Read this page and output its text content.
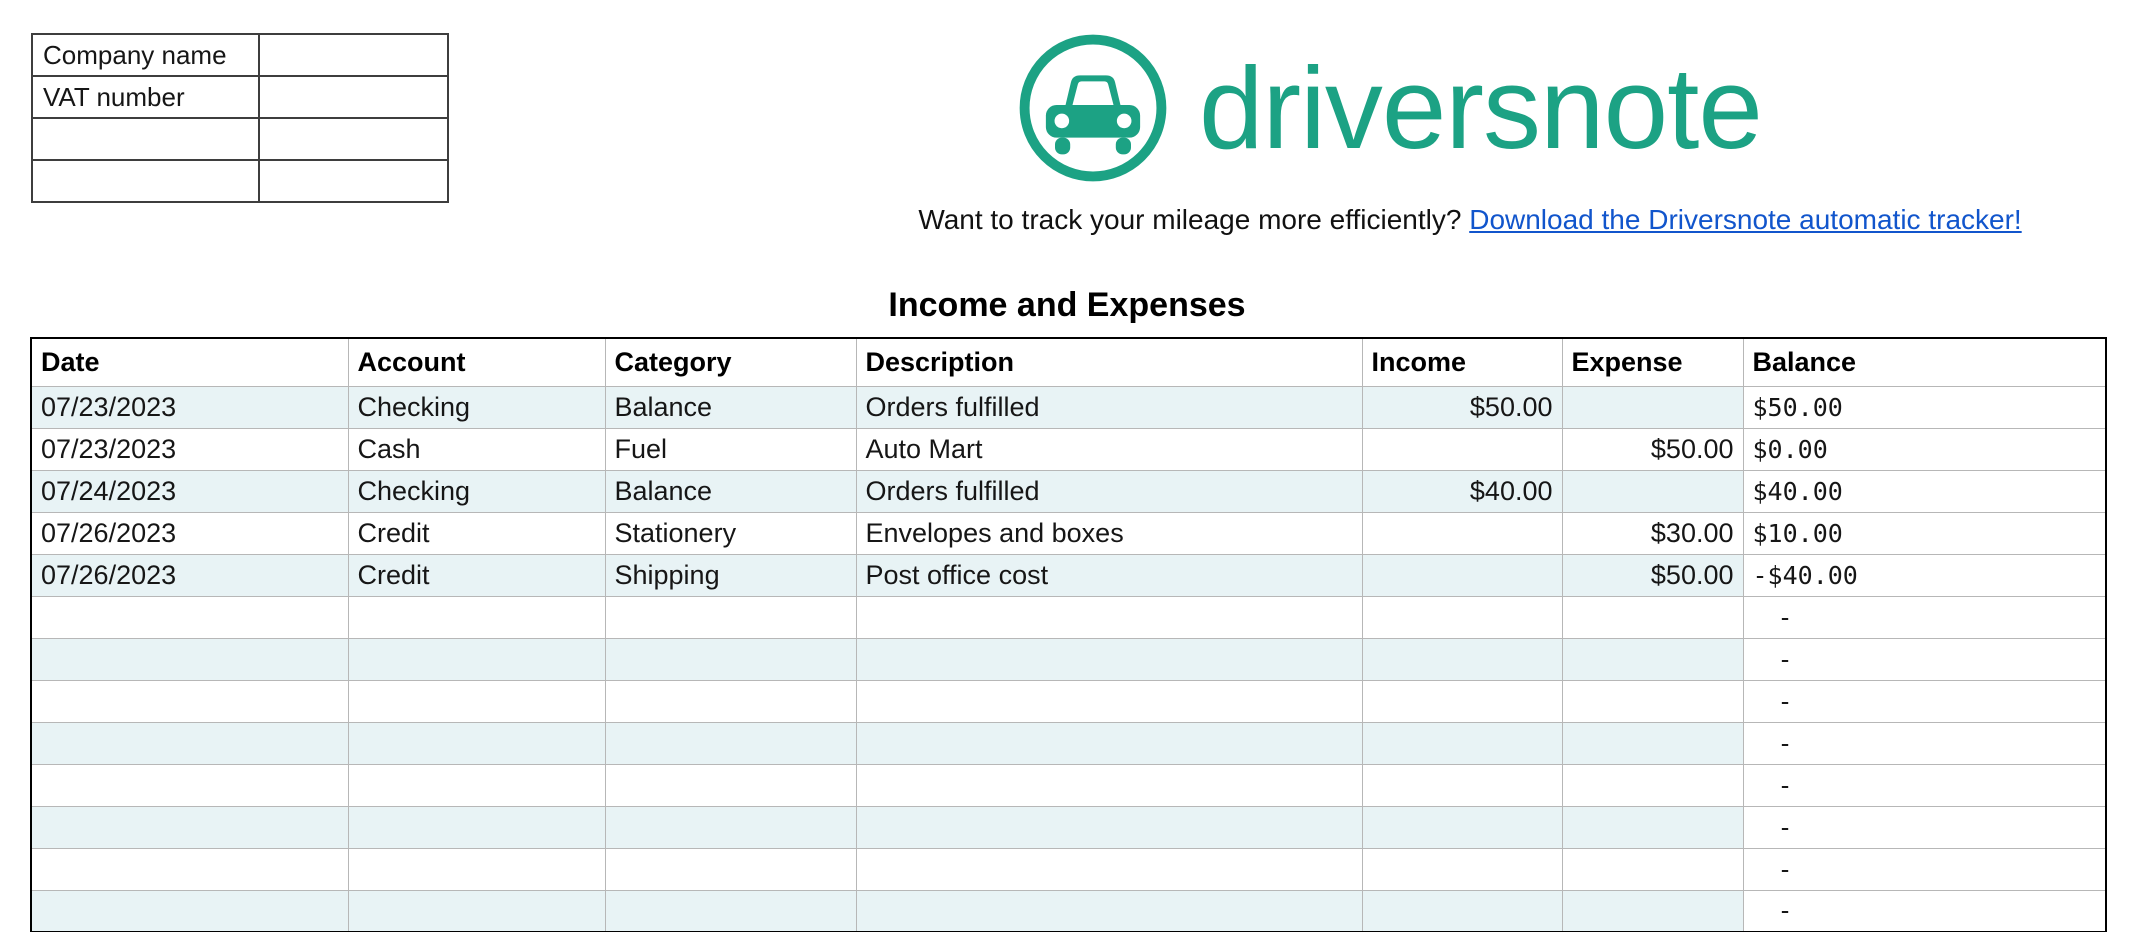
Company name	
VAT number	

		driversnote
Want to track your mileage more efficiently? Download the Driversnote automatic tracker!
Income and Expenses
Date	Account	Category	Description	Income	Expense	Balance
07/23/2023	Checking	Balance	Orders fulfilled	$50.00		$50.00
07/23/2023	Cash	Fuel	Auto Mart		$50.00	$0.00
07/24/2023	Checking	Balance	Orders fulfilled	$40.00		$40.00
07/26/2023	Credit	Stationery	Envelopes and boxes		$30.00	$10.00
07/26/2023	Credit	Shipping	Post office cost		$50.00	-$40.00
						-
						-
						-
						-
						-
						-
						-
						-
